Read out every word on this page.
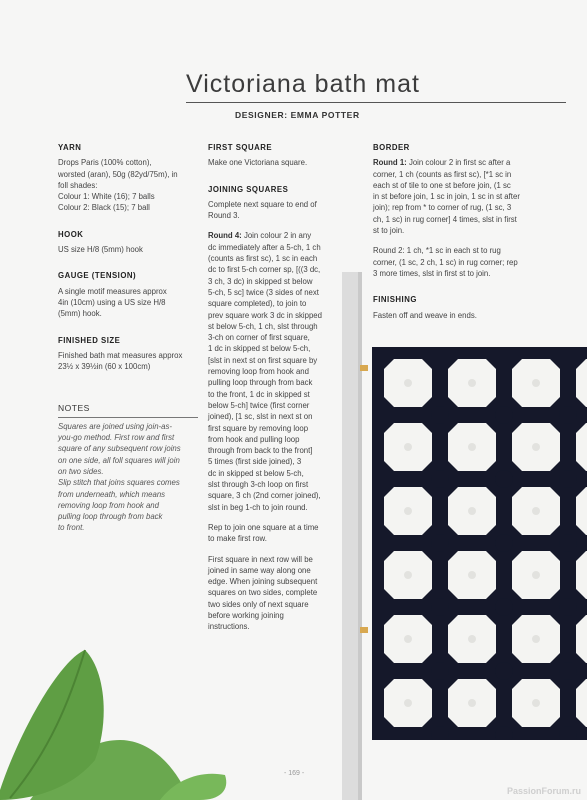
Victoriana bath mat
DESIGNER: EMMA POTTER
YARN
Drops Paris (100% cotton),
worsted (aran), 50g (82yd/75m), in
foll shades:
Colour 1: White (16); 7 balls
Colour 2: Black (15); 7 ball
HOOK
US size H/8 (5mm) hook
GAUGE (TENSION)
A single motif measures approx
4in (10cm) using a US size H/8
(5mm) hook.
FINISHED SIZE
Finished bath mat measures approx
23½ x 39½in (60 x 100cm)
NOTES
Squares are joined using join-as-
you-go method. First row and first
square of any subsequent row joins
on one side, all foll squares will join
on two sides.
Slip stitch that joins squares comes
from underneath, which means
removing loop from hook and
pulling loop through from back
to front.
FIRST SQUARE
Make one Victoriana square.
JOINING SQUARES
Complete next square to end of
Round 3.
Round 4: Join colour 2 in any
dc immediately after a 5-ch, 1 ch
(counts as first sc), 1 sc in each
dc to first 5-ch corner sp, [((3 dc,
3 ch, 3 dc) in skipped st below
5-ch, 5 sc] twice (3 sides of next
square completed), to join to
prev square work 3 dc in skipped
st below 5-ch, 1 ch, slst through
3-ch on corner of first square,
1 dc in skipped st below 5-ch,
[slst in next st on first square by
removing loop from hook and
pulling loop through from back
to the front, 1 dc in skipped st
below 5-ch] twice (first corner
joined), [1 sc, slst in next st on
first square by removing loop
from hook and pulling loop
through from back to the front]
5 times (first side joined), 3
dc in skipped st below 5-ch,
slst through 3-ch loop on first
square, 3 ch (2nd corner joined),
slst in beg 1-ch to join round.
Rep to join one square at a time
to make first row.
First square in next row will be
joined in same way along one
edge. When joining subsequent
squares on two sides, complete
two sides only of next square
before working joining
instructions.
BORDER
Round 1: Join colour 2 in first sc after a
corner, 1 ch (counts as first sc), [*1 sc in
each st of tile to one st before join, (1 sc
in st before join, 1 sc in join, 1 sc in st after
join); rep from * to corner of rug, (1 sc, 3
ch, 1 sc) in rug corner] 4 times, slst in first
st to join.
Round 2: 1 ch, *1 sc in each st to rug
corner, (1 sc, 2 ch, 1 sc) in rug corner; rep
3 more times, slst in first st to join.
FINISHING
Fasten off and weave in ends.
- 169 -
PassionForum.ru
